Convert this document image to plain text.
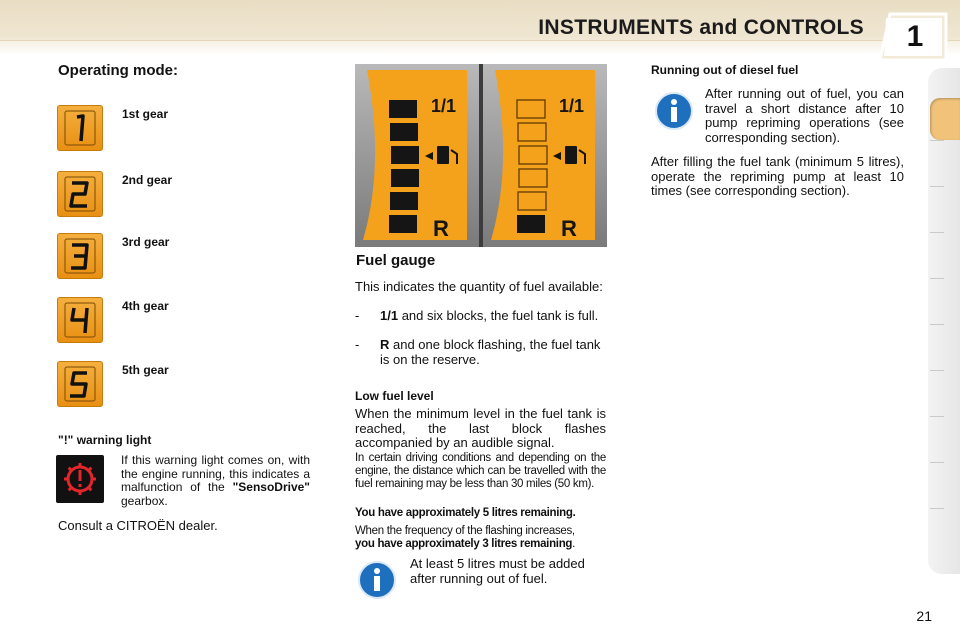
INSTRUMENTS and CONTROLS 1
Operating mode:
1st gear
2nd gear
3rd gear
4th gear
5th gear
"!" warning light
If this warning light comes on, with the engine running, this indicates a malfunction of the "SensoDrive" gearbox.
Consult a CITROËN dealer.
1/1
R
1/1
R
Fuel gauge
This indicates the quantity of fuel available:
- 1/1 and six blocks, the fuel tank is full.
- R and one block flashing, the fuel tank is on the reserve.
Low fuel level
When the minimum level in the fuel tank is reached, the last block flashes accompanied by an audible signal.
In certain driving conditions and depending on the engine, the distance which can be travelled with the fuel remaining may be less than 30 miles (50 km).
You have approximately 5 litres remaining.
When the frequency of the flashing increases,
you have approximately 3 litres remaining.
At least 5 litres must be added after running out of fuel.
Running out of diesel fuel
After running out of fuel, you can travel a short distance after 10 pump repriming operations (see corresponding section).
After filling the fuel tank (minimum 5 litres), operate the repriming pump at least 10 times (see corresponding section).
21
